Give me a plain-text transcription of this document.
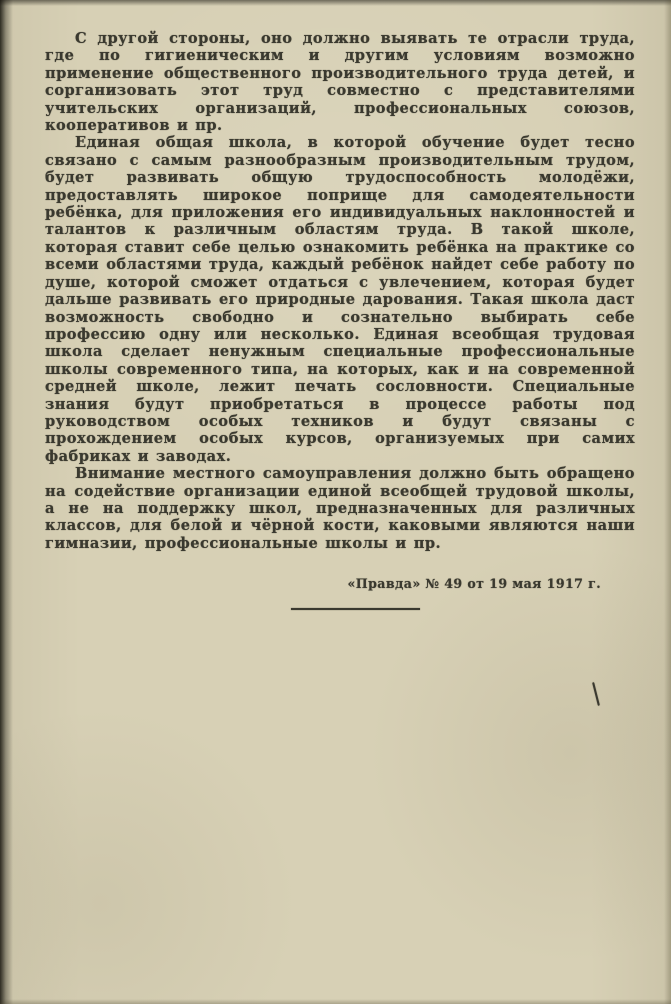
С другой стороны, оно должно выявать те отрасли труда, где по гигиеническим и другим условиям возможно применение общественного производительного труда детей, и сорганизовать этот труд совместно с представителями учительских организаций, профессиональных союзов, кооперативов и пр.

Единая общая школа, в которой обучение будет тесно связано с самым разнообразным производительным трудом, будет развивать общую трудоспособность молодёжи, предоставлять широкое поприще для самодеятельности ребёнка, для приложения его индивидуальных наклонностей и талантов к различным областям труда. В такой школе, которая ставит себе целью ознакомить ребёнка на практике со всеми областями труда, каждый ребёнок найдет себе работу по душе, которой сможет отдаться с увлечением, которая будет дальше развивать его природные дарования. Такая школа даст возможность свободно и сознательно выбирать себе профессию одну или несколько. Единая всеобщая трудовая школа сделает ненужным специальные профессиональные школы современного типа, на которых, как и на современной средней школе, лежит печать сословности. Специальные знания будут приобретаться в процессе работы под руководством особых техников и будут связаны с прохождением особых курсов, организуемых при самих фабриках и заводах.

Внимание местного самоуправления должно быть обращено на содействие организации единой всеобщей трудовой школы, а не на поддержку школ, предназначенных для различных классов, для белой и чёрной кости, каковыми являются наши гимназии, профессиональные школы и пр.

«Правда» № 49 от 19 мая 1917 г.
